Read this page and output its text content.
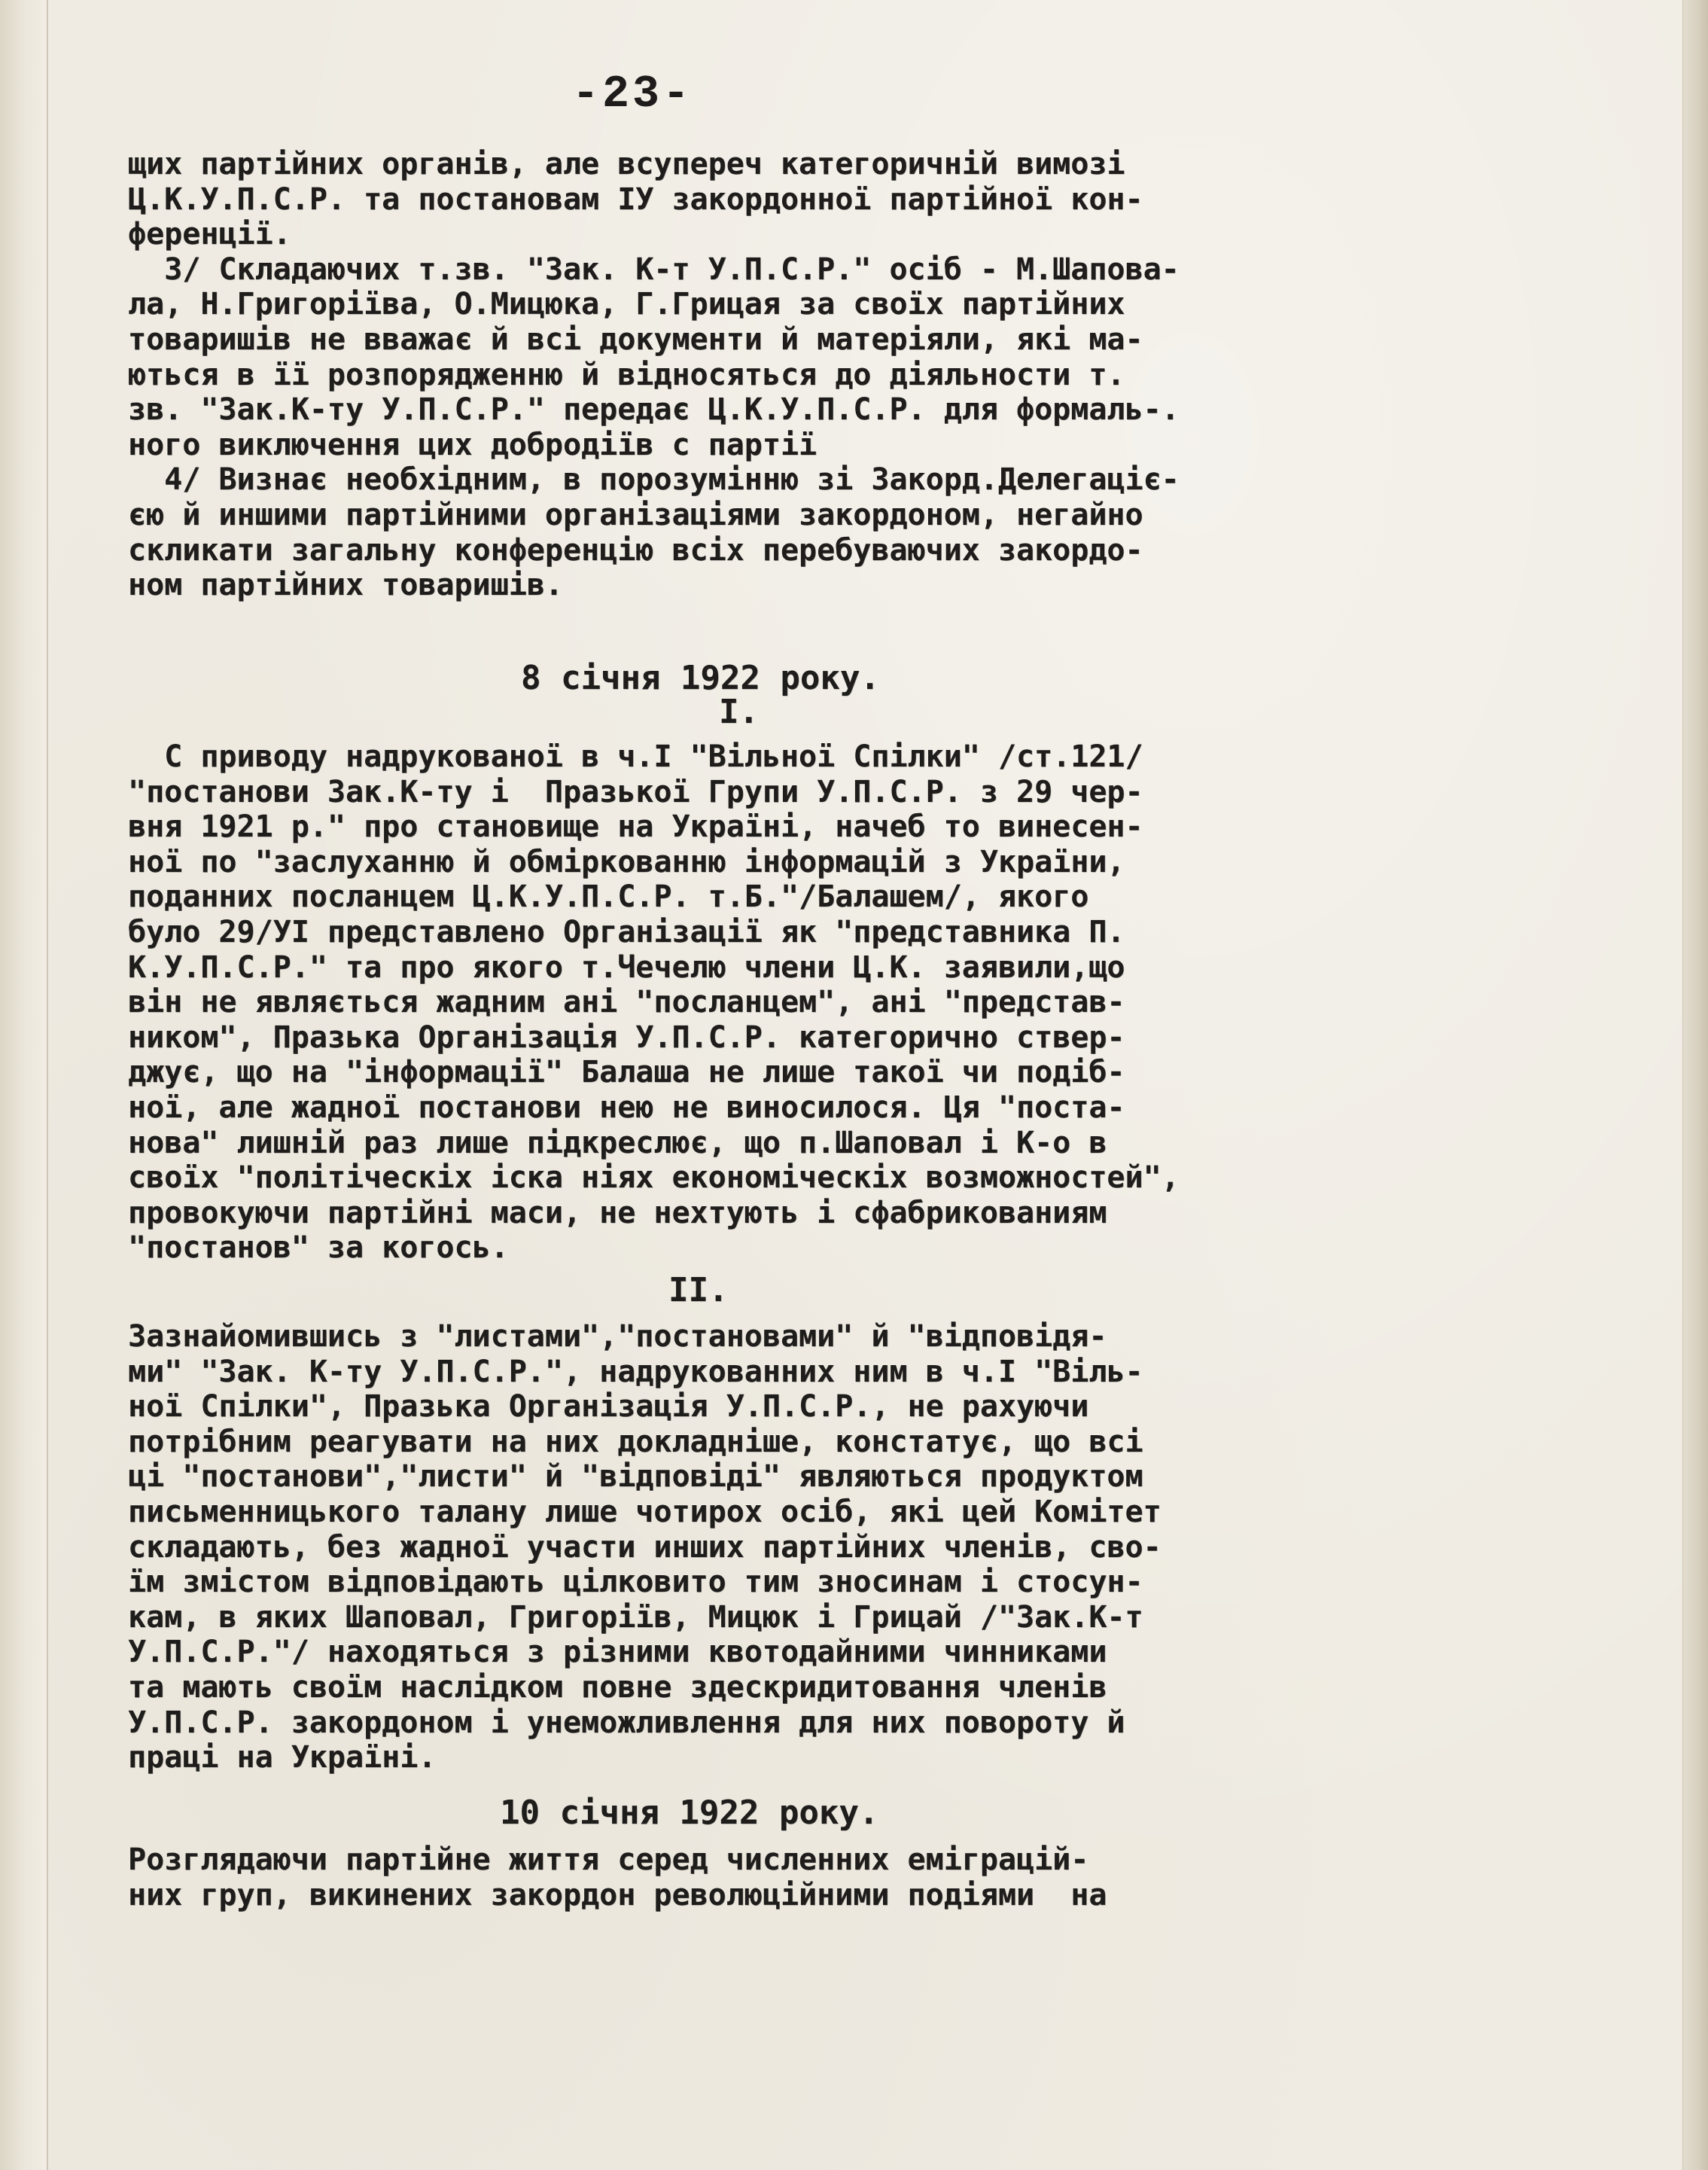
-23-
щих партійних органів, але всупереч категоричній вимозі
Ц.К.У.П.С.Р. та постановам ІУ закордонної партійної кон-
ференції.
3/ Складаючих т.зв. "Зак. К-т У.П.С.Р." осіб - М.Шапова-
ла, Н.Григоріїва, О.Мицюка, Г.Грицая за своїх партійних
товаришів не вважає й всі документи й матеріяли, які ма-
ються в її розпорядженню й відносяться до діяльности т.
зв. "Зак.К-ту У.П.С.Р." передає Ц.К.У.П.С.Р. для формаль-.
ного виключення цих добродіїв с партії
4/ Визнає необхідним, в порозумінню зі Закорд.Делегаціє-
єю й иншими партійними організаціями закордоном, негайно
скликати загальну конференцію всіх перебуваючих закордо-
ном партійних товаришів.
8 січня 1922 року.
I.
С приводу надрукованої в ч.І "Вільної Спілки" /ст.121/
"постанови Зак.К-ту і  Празької Групи У.П.С.Р. з 29 чер-
вня 1921 р." про становище на Україні, начеб то винесен-
ної по "заслуханню й обміркованню інформацій з України,
поданних посланцем Ц.К.У.П.С.Р. т.Б."/Балашем/, якого
було 29/УІ представлено Організації як "представника П.
К.У.П.С.Р." та про якого т.Чечелю члени Ц.К. заявили,що
він не являється жадним ані "посланцем", ані "представ-
ником", Празька Організація У.П.С.Р. категорично ствер-
джує, що на "інформації" Балаша не лише такої чи подіб-
ної, але жадної постанови нею не виносилося. Ця "поста-
нова" лишній раз лише підкреслює, що п.Шаповал і К-о в
своїх "політіческіх іска ніях економіческіх возможностей",
провокуючи партійні маси, не нехтують і сфабрикованиям
"постанов" за когось.
II.
Зазнайомившись з "листами","постановами" й "відповідя-
ми" "Зак. К-ту У.П.С.Р.", надрукованних ним в ч.І "Віль-
ної Спілки", Празька Організація У.П.С.Р., не рахуючи
потрібним реагувати на них докладніше, констатує, що всі
ці "постанови","листи" й "відповіді" являються продуктом
письменницького талану лише чотирох осіб, які цей Комітет
складають, без жадної участи инших партійних членів, сво-
їм змістом відповідають цілковито тим зносинам і стосун-
кам, в яких Шаповал, Григоріїв, Мицюк і Грицай /"Зак.К-т
У.П.С.Р."/ находяться з різними квотодайними чинниками
та мають своїм наслідком повне здескридитовання членів
У.П.С.Р. закордоном і унеможливлення для них повороту й
праці на Україні.
10 січня 1922 року.
Розглядаючи партійне життя серед численних еміграцій-
них груп, викинених закордон революційними подіями  на
